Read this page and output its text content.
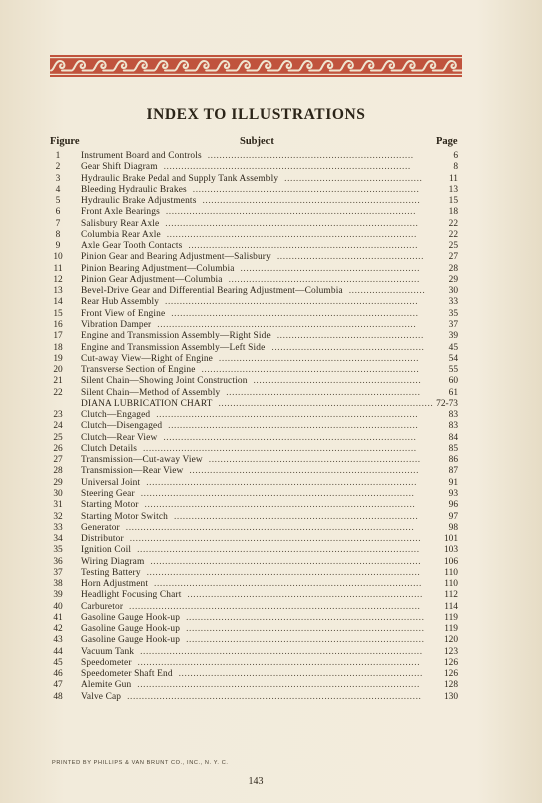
INDEX TO ILLUSTRATIONS
Figure	Subject	Page
1	Instrument Board and Controls ......................................................................	6
2	Gear Shift Diagram ....................................................................................	8
3	Hydraulic Brake Pedal and Supply Tank Assembly ...............................................	11
4	Bleeding Hydraulic Brakes .............................................................................	13
5	Hydraulic Brake Adjustments ..........................................................................	15
6	Front Axle Bearings .....................................................................................	18
7	Salisbury Rear Axle ......................................................................................	22
8	Columbia Rear Axle .....................................................................................	22
9	Axle Gear Tooth Contacts ..............................................................................	25
10	Pinion Gear and Bearing Adjustment—Salisbury ..................................................	27
11	Pinion Bearing Adjustment—Columbia .............................................................	28
12	Pinion Gear Adjustment—Columbia .................................................................	29
13	Bevel-Drive Gear and Differential Bearing Adjustment—Columbia ..........................	30
14	Rear Hub Assembly ......................................................................................	33
15	Front View of Engine ....................................................................................	35
16	Vibration Damper ........................................................................................	37
17	Engine and Transmission Assembly—Right Side ..................................................	39
18	Engine and Transmission Assembly—Left Side ....................................................	45
19	Cut-away View—Right of Engine ....................................................................	54
20	Transverse Section of Engine ..........................................................................	55
21	Silent Chain—Showing Joint Construction .........................................................	60
22	Silent Chain—Method of Assembly ..................................................................	61
DIANA LUBRICATION CHART ......................................................................... 72-73
23	Clutch—Engaged .........................................................................................	83
24	Clutch—Disengaged .....................................................................................	83
25	Clutch—Rear View ......................................................................................	84
26	Clutch Details .............................................................................................	85
27	Transmission—Cut-away View ........................................................................	86
28	Transmission—Rear View ..............................................................................	87
29	Universal Joint ............................................................................................	91
30	Steering Gear .............................................................................................	93
31	Starting Motor ............................................................................................	96
32	Starting Motor Switch ...................................................................................	97
33	Generator ..................................................................................................	98
34	Distributor ...................................................................................................	101
35	Ignition Coil ................................................................................................	103
36	Wiring Diagram ............................................................................................	106
37	Testing Battery .............................................................................................	110
38	Horn Adjustment ...........................................................................................	110
39	Headlight Focusing Chart ................................................................................	112
40	Carburetor ...................................................................................................	114
41	Gasoline Gauge Hook-up .................................................................................	119
42	Gasoline Gauge Hook-up .................................................................................	119
43	Gasoline Gauge Hook-up .................................................................................	120
44	Vacuum Tank ................................................................................................	123
45	Speedometer ................................................................................................	126
46	Speedometer Shaft End ...................................................................................	126
47	Alemite Gun ................................................................................................	128
48	Valve Cap ....................................................................................................	130
PRINTED BY PHILLIPS & VAN BRUNT CO., INC., N. Y. C.
143
